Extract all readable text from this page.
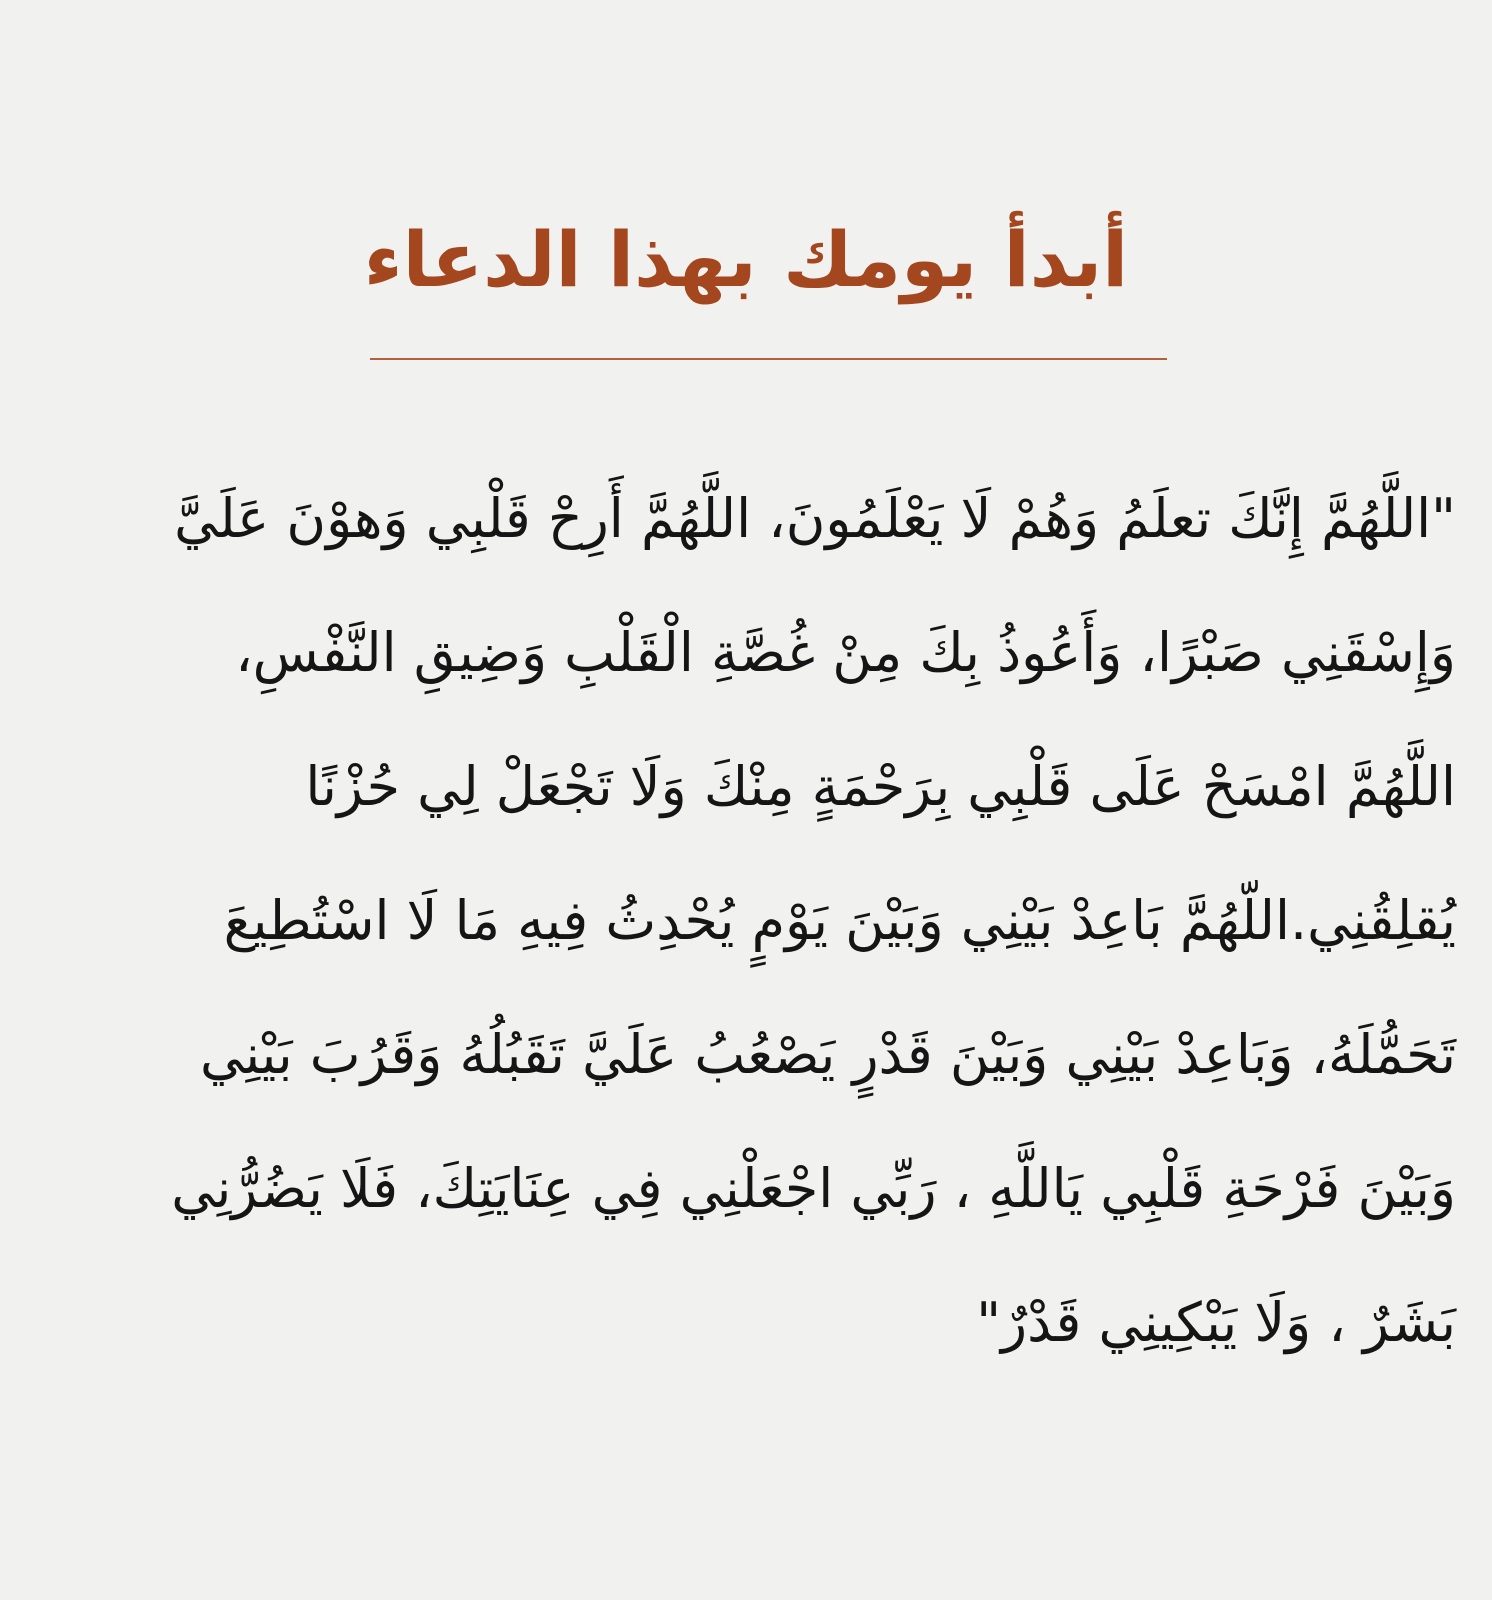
أبدأ يومك بهذا الدعاء

"اللَّهُمَّ إِنَّكَ تعلَمُ وَهُمْ لَا يَعْلَمُونَ، اللَّهُمَّ أَرِحْ قَلْبِي وَهوْنَ عَلَيَّ

وَإِسْقَنِي صَبْرًا، وَأَعُوذُ بِكَ مِنْ غُصَّةِ الْقَلْبِ وَضِيقِ النَّفْسِ،

اللَّهُمَّ امْسَحْ عَلَى قَلْبِي بِرَحْمَةٍ مِنْكَ وَلَا تَجْعَلْ لِي حُزْنًا

يُقلِقُنِي.اللّهُمَّ بَاعِدْ بَيْنِي وَبَيْنَ يَوْمٍ يُحْدِثُ فِيهِ مَا لَا اسْتُطِيعَ

تَحَمُّلَهُ، وَبَاعِدْ بَيْنِي وَبَيْنَ قَدْرٍ يَصْعُبُ عَلَيَّ تَقَبُلُهُ وَقَرُبَ بَيْنِي

وَبَيْنَ فَرْحَةِ قَلْبِي يَاللَّهِ ، رَبِّي اجْعَلْنِي فِي عِنَايَتِكَ، فَلَا يَضُرُّنِي

بَشَرٌ ، وَلَا يَبْكِينِي قَدْرٌ"
